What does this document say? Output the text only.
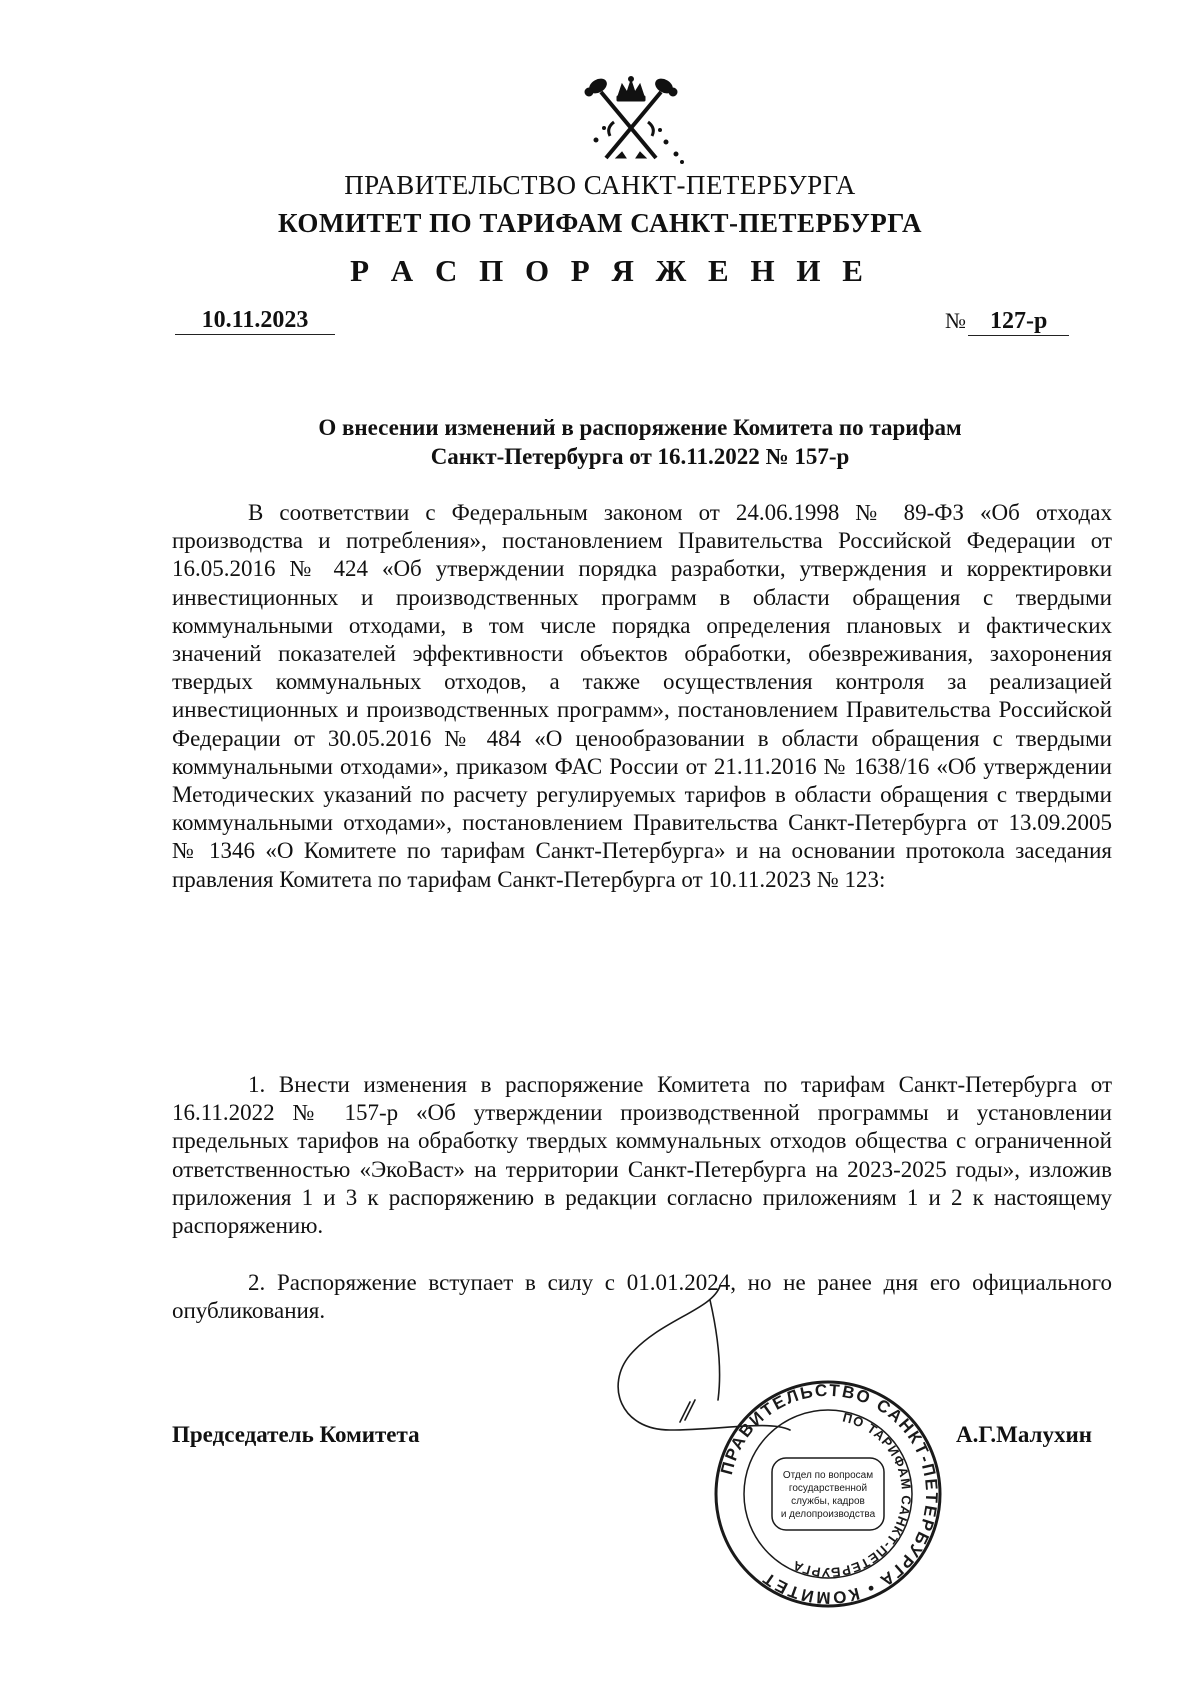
ПРАВИТЕЛЬСТВО САНКТ-ПЕТЕРБУРГА
КОМИТЕТ ПО ТАРИФАМ САНКТ-ПЕТЕРБУРГА
Р А С П О Р Я Ж Е Н И Е
10.11.2023	№ 127-р
О внесении изменений в распоряжение Комитета по тарифам
Санкт-Петербурга от 16.11.2022 № 157-р

В соответствии с Федеральным законом от 24.06.1998 № 89-ФЗ «Об отходах производства и потребления», постановлением Правительства Российской Федерации от 16.05.2016 № 424 «Об утверждении порядка разработки, утверждения и корректировки инвестиционных и производственных программ в области обращения с твердыми коммунальными отходами, в том числе порядка определения плановых и фактических значений показателей эффективности объектов обработки, обезвреживания, захоронения твердых коммунальных отходов, а также осуществления контроля за реализацией инвестиционных и производственных программ», постановлением Правительства Российской Федерации от 30.05.2016 № 484 «О ценообразовании в области обращения с твердыми коммунальными отходами», приказом ФАС России от 21.11.2016 № 1638/16 «Об утверждении Методических указаний по расчету регулируемых тарифов в области обращения с твердыми коммунальными отходами», постановлением Правительства Санкт-Петербурга от 13.09.2005 № 1346 «О Комитете по тарифам Санкт-Петербурга» и на основании протокола заседания правления Комитета по тарифам Санкт-Петербурга от 10.11.2023 № 123:

1. Внести изменения в распоряжение Комитета по тарифам Санкт-Петербурга от 16.11.2022 № 157-р «Об утверждении производственной программы и установлении предельных тарифов на обработку твердых коммунальных отходов общества с ограниченной ответственностью «ЭкоВаст» на территории Санкт-Петербурга на 2023-2025 годы», изложив приложения 1 и 3 к распоряжению в редакции согласно приложениям 1 и 2 к настоящему распоряжению.

2. Распоряжение вступает в силу с 01.01.2024, но не ранее дня его официального опубликования.

Председатель Комитета	А.Г.Малухин
ПРАВИТЕЛЬСТВО САНКТ-ПЕТЕРБУРГА • КОМИТЕТ
ПО ТАРИФАМ САНКТ-ПЕТЕРБУРГА
Отдел по вопросам
государственной
службы, кадров
и делопроизводства
